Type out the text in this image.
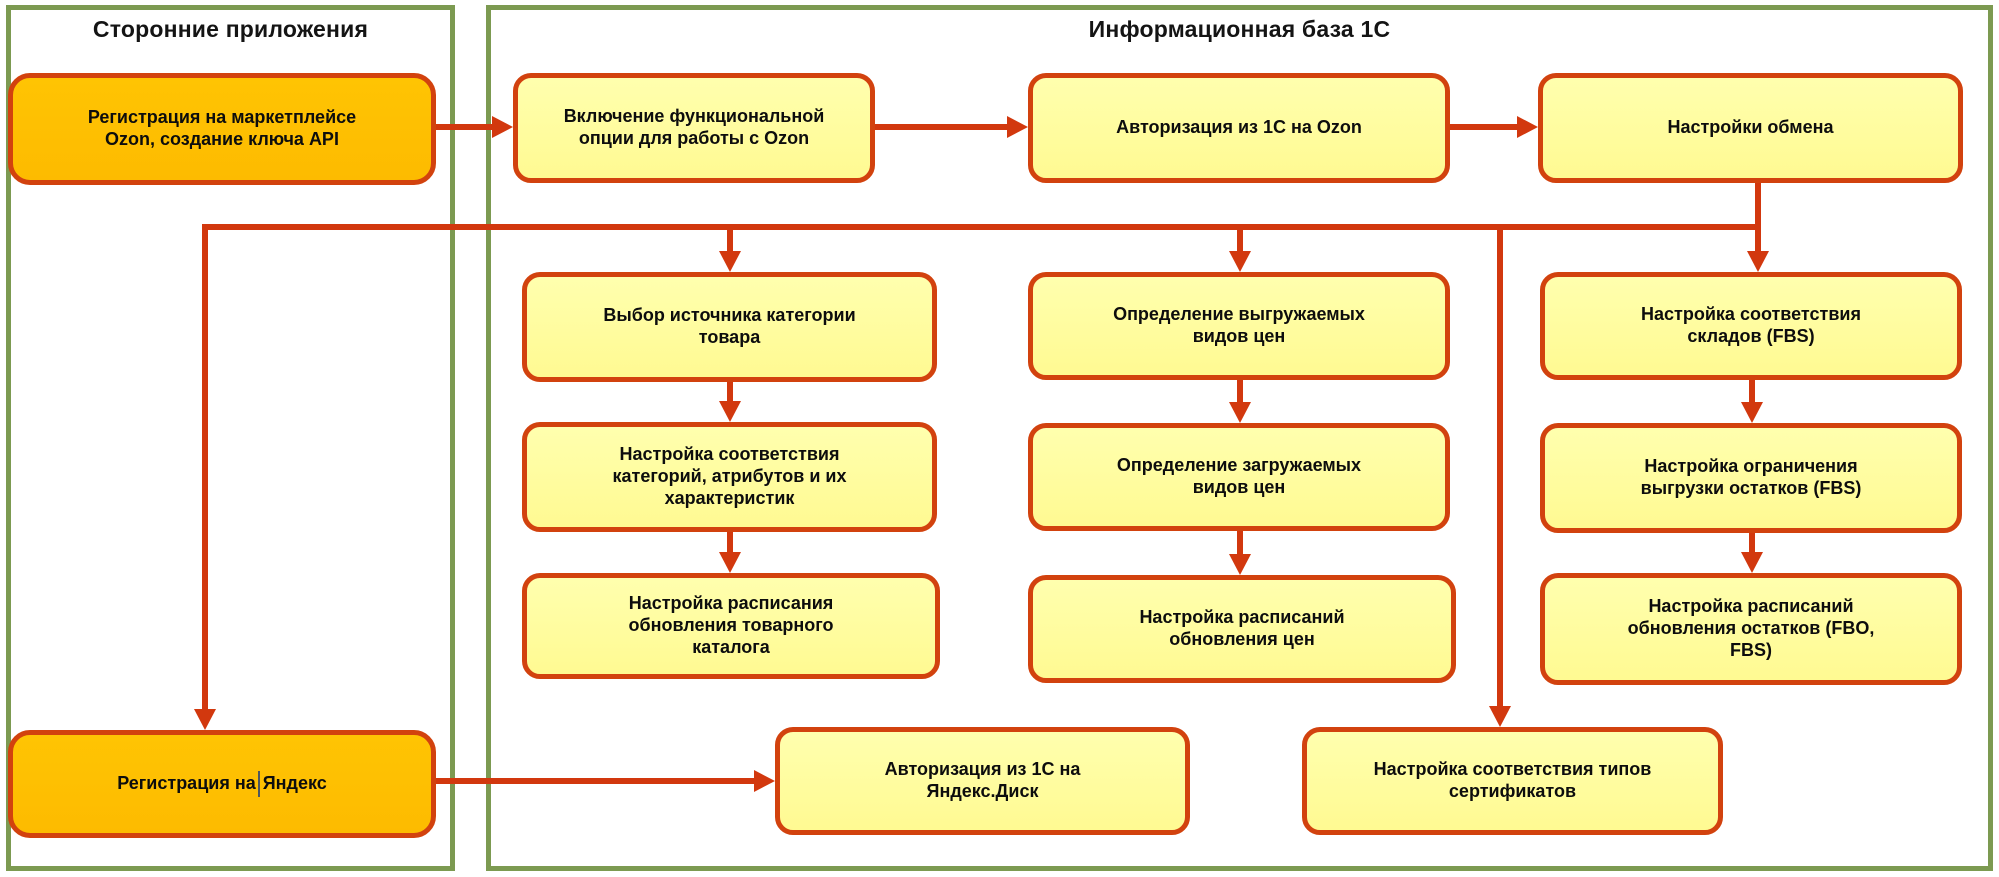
Сторонние приложения	Информационная база 1С
Регистрация на маркетплейсе Ozon, создание ключа API
Включение функциональной опции для работы с Ozon
Авторизация из 1С на Ozon	Настройки обмена
Выбор источника категории товара
Определение выгружаемых видов цен
Настройка соответствия складов (FBS)
Настройка соответствия категорий, атрибутов и их характеристик
Определение загружаемых видов цен
Настройка ограничения выгрузки остатков (FBS)
Настройка расписания обновления товарного каталога
Настройка расписаний обновления цен
Настройка расписаний обновления остатков (FBO, FBS)
Регистрация на Яндекс
Авторизация из 1С на Яндекс.Диск
Настройка соответствия типов сертификатов
